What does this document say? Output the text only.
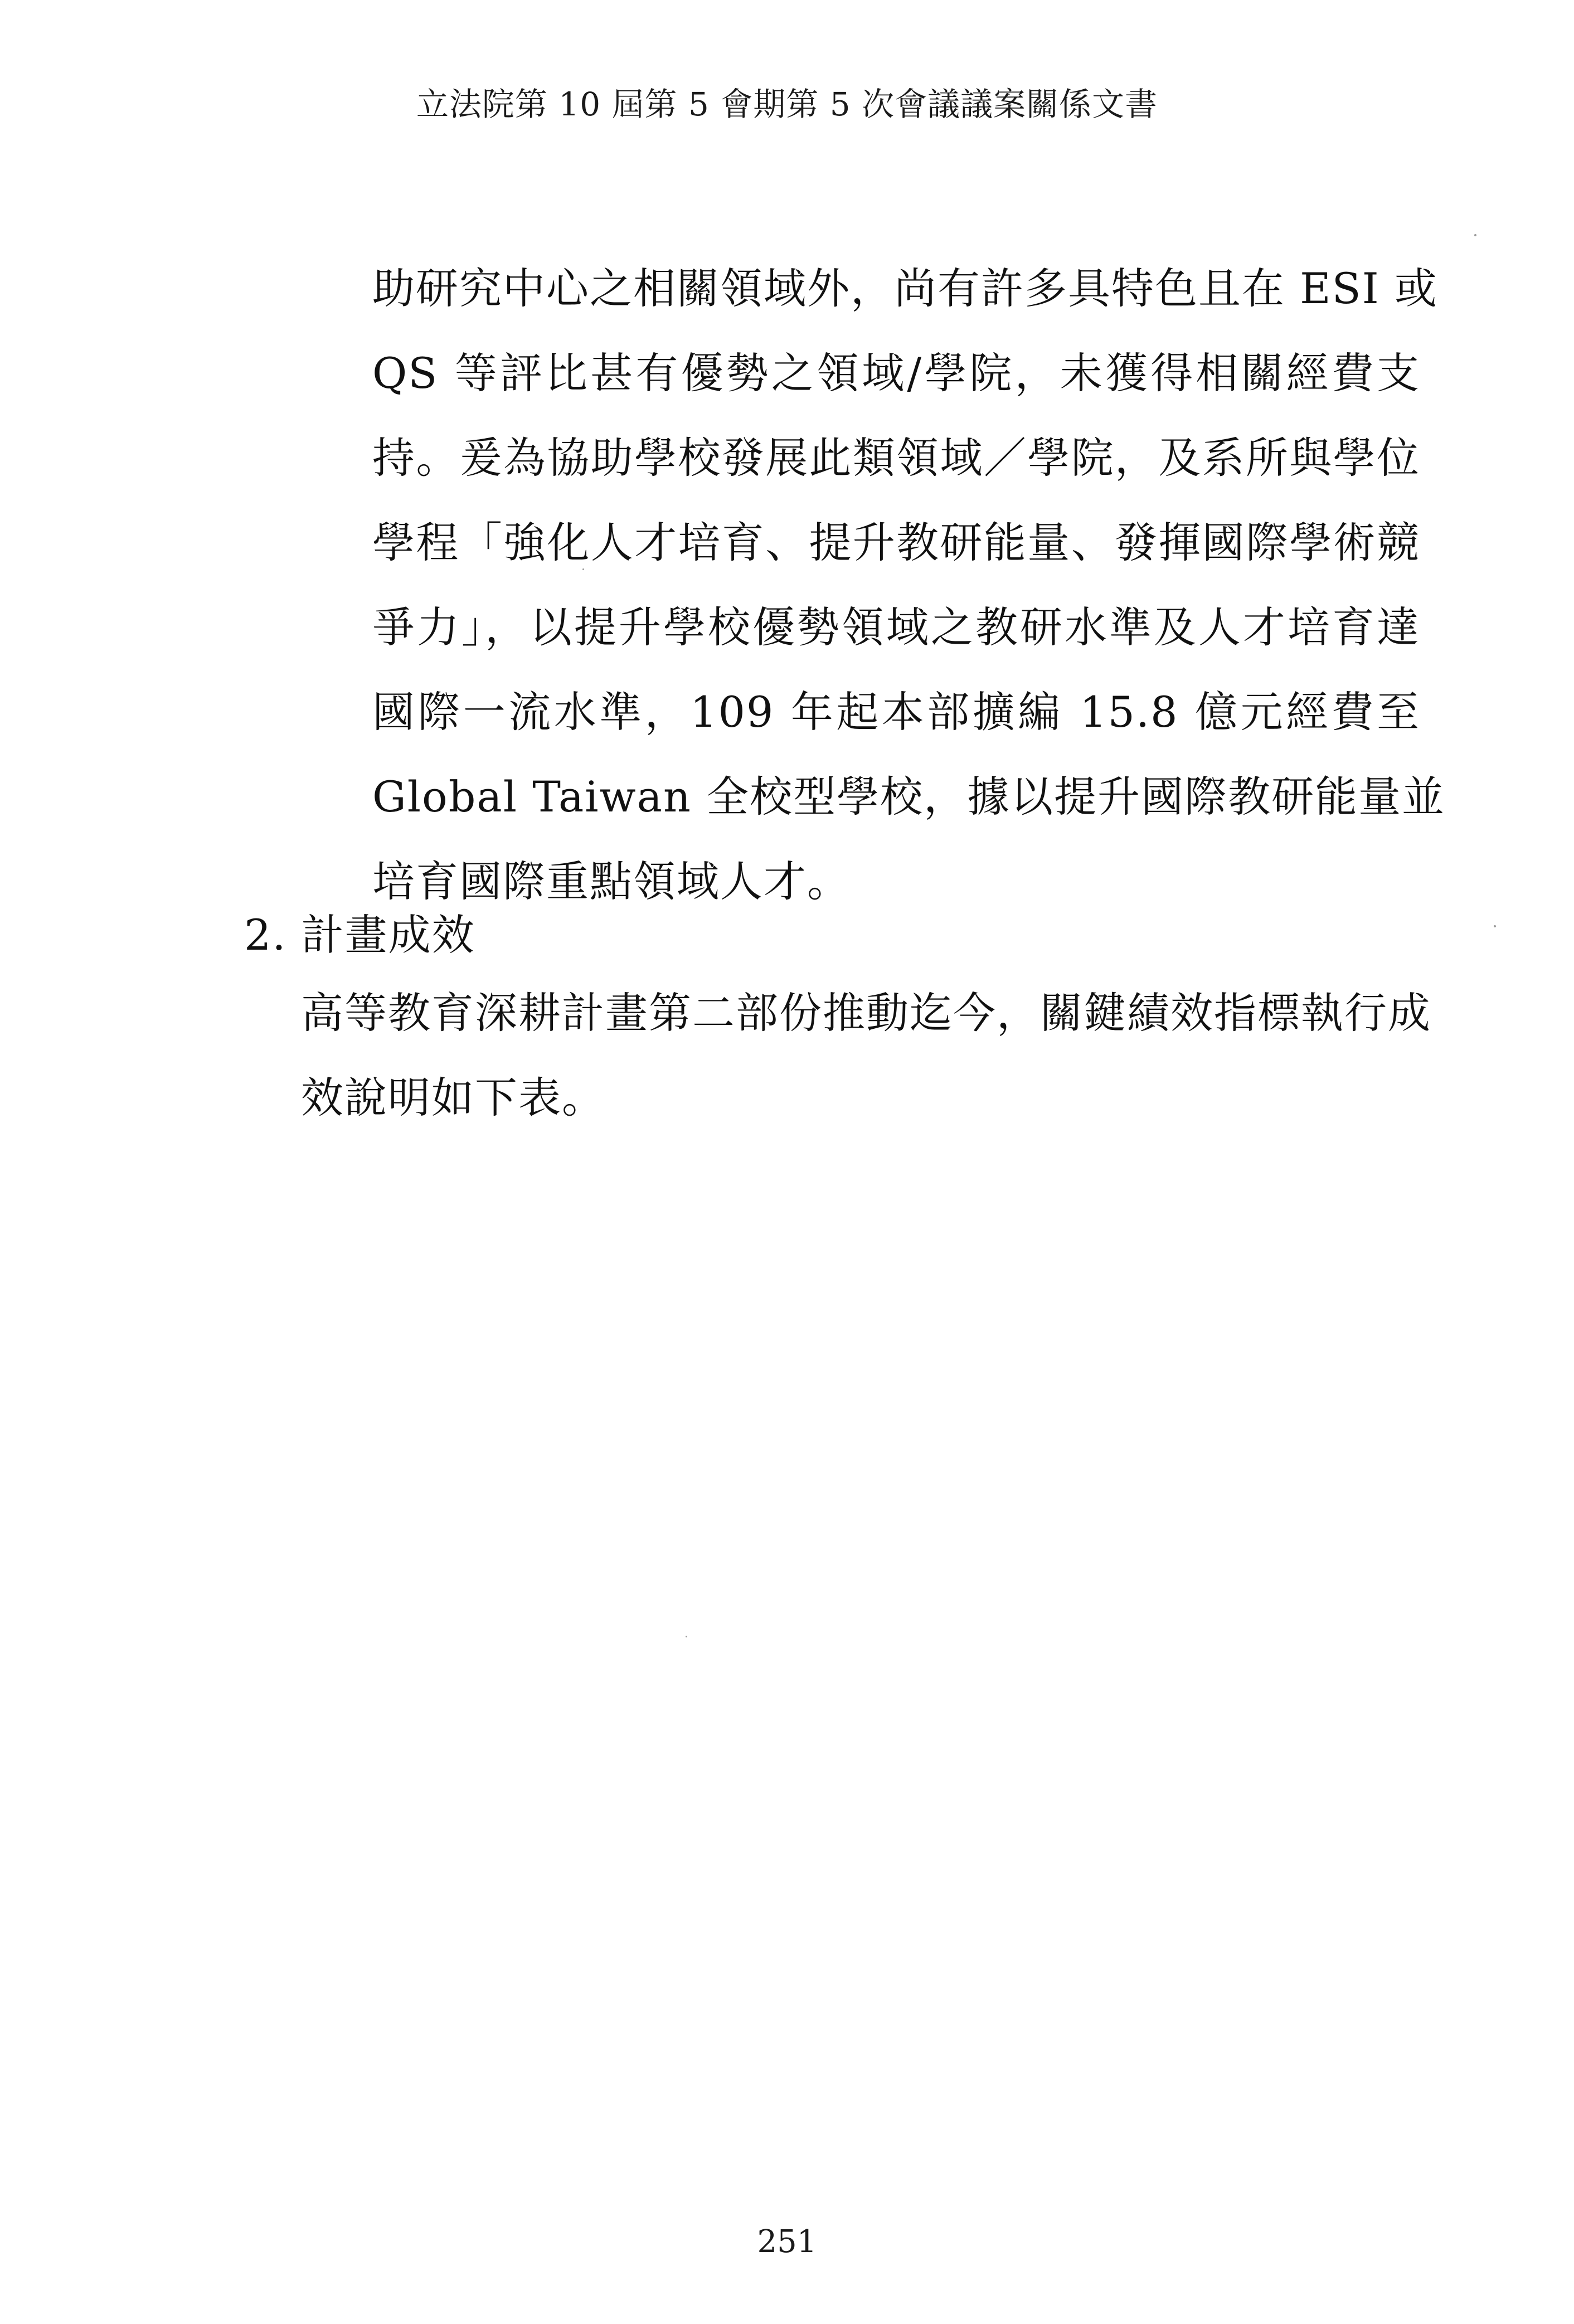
立法院第 10 屆第 5 會期第 5 次會議議案關係文書
助研究中心之相關領域外，尚有許多具特色且在 ESI 或
QS 等評比甚有優勢之領域/學院，未獲得相關經費支
持。爰為協助學校發展此類領域／學院，及系所與學位
學程「強化人才培育、提升教研能量、發揮國際學術競
爭力」，以提升學校優勢領域之教研水準及人才培育達
國際一流水準，109 年起本部擴編 15.8 億元經費至
Global Taiwan 全校型學校，據以提升國際教研能量並
培育國際重點領域人才。
2. 計畫成效
高等教育深耕計畫第二部份推動迄今，關鍵績效指標執行成
效說明如下表。
251
